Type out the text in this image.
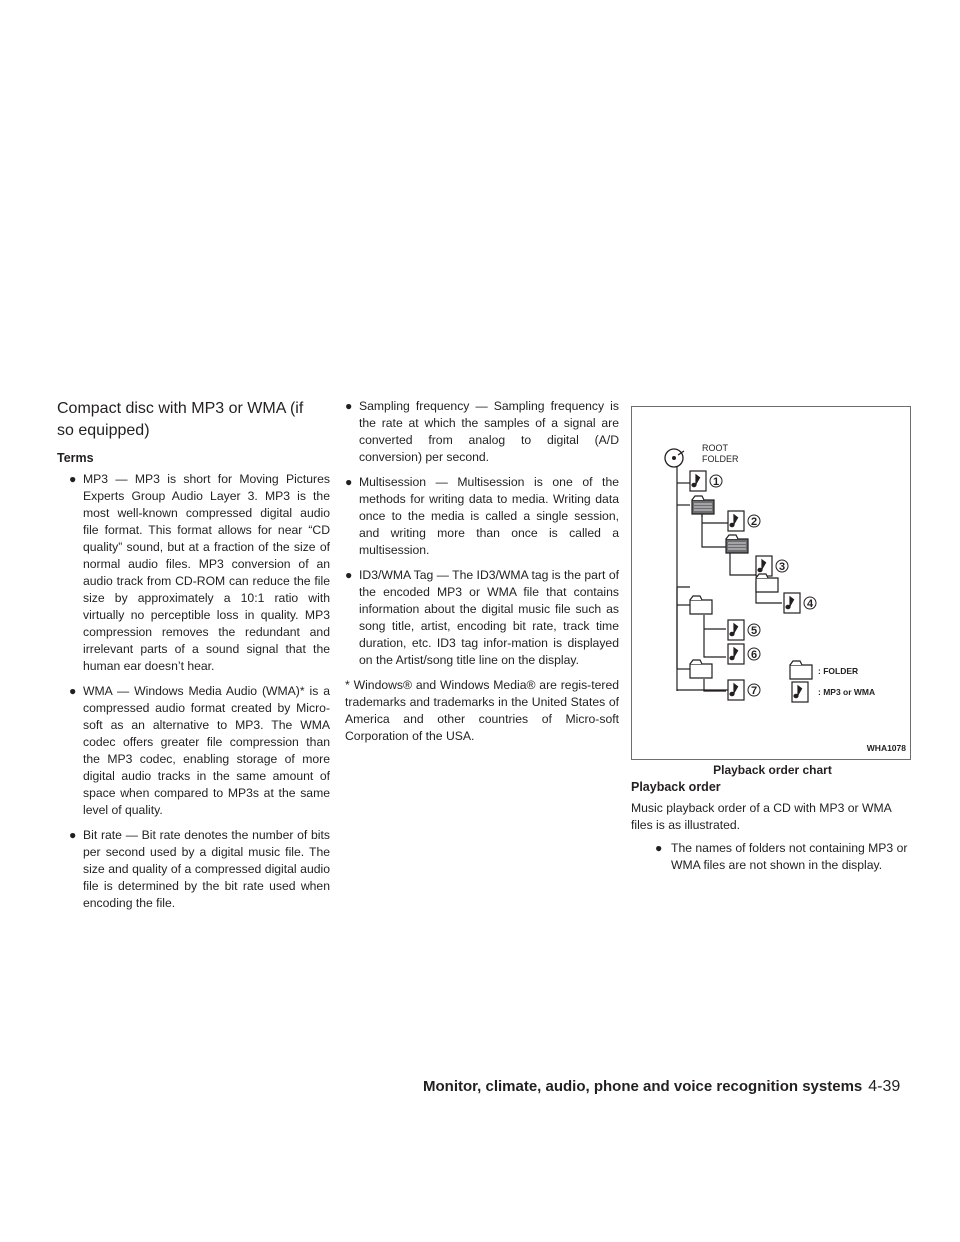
Compact disc with MP3 or WMA (if
so equipped)
Terms
● MP3 — MP3 is short for Moving Pictures Experts Group Audio Layer 3. MP3 is the most well-known compressed digital audio file format. This format allows for near “CD quality” sound, but at a fraction of the size of normal audio files. MP3 conversion of an audio track from CD-ROM can reduce the file size by approximately a 10:1 ratio with virtually no perceptible loss in quality. MP3 compression removes the redundant and irrelevant parts of a sound signal that the human ear doesn’t hear.
● WMA — Windows Media Audio (WMA)* is a compressed audio format created by Micro-soft as an alternative to MP3. The WMA codec offers greater file compression than the MP3 codec, enabling storage of more digital audio tracks in the same amount of space when compared to MP3s at the same level of quality.
● Bit rate — Bit rate denotes the number of bits per second used by a digital music file. The size and quality of a compressed digital audio file is determined by the bit rate used when encoding the file.
● Sampling frequency — Sampling frequency is the rate at which the samples of a signal are converted from analog to digital (A/D conversion) per second.
● Multisession — Multisession is one of the methods for writing data to media. Writing data once to the media is called a single session, and writing more than once is called a multisession.
● ID3/WMA Tag — The ID3/WMA tag is the part of the encoded MP3 or WMA file that contains information about the digital music file such as song title, artist, encoding bit rate, track time duration, etc. ID3 tag infor-mation is displayed on the Artist/song title line on the display.

* Windows® and Windows Media® are regis-tered trademarks and trademarks in the United States of America and other countries of Micro-soft Corporation of the USA.

ROOT
FOLDER
1
2
3
4
5
6
7
: FOLDER
: MP3 or WMA
WHA1078
Playback order chart
Playback order

Music playback order of a CD with MP3 or WMA files is as illustrated.

● The names of folders not containing MP3 or WMA files are not shown in the display.
Monitor, climate, audio, phone and voice recognition systems 4-39
